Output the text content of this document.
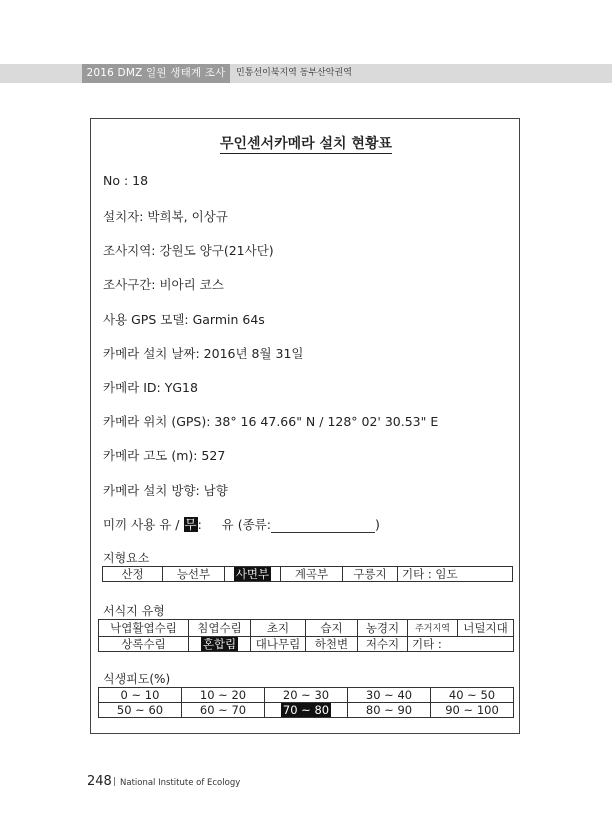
2016 DMZ 일원 생태계 조사	민통선이북지역 동부산악권역
무인센서카메라 설치 현황표
No : 18
설치자: 박희복, 이상규
조사지역: 강원도 양구(21사단)
조사구간: 비아리 코스
사용 GPS 모델: Garmin 64s
카메라 설치 날짜: 2016년 8월 31일
카메라 ID: YG18
카메라 위치 (GPS): 38° 16 47.66" N / 128° 02' 30.53" E
카메라 고도 (m): 527
카메라 설치 방향: 남향
미끼 사용 유 / 무: 유 (종류:	)
지형요소
산정	능선부	사면부	계곡부	구릉지	기타 : 임도
서식지 유형
낙엽활엽수림	침엽수림	초지	습지	농경지	주거지역	너덜지대
상록수림	혼합림	대나무림	하천변	저수지	기타 :	
식생피도(%)
0 ~ 10	10 ~ 20	20 ~ 30	30 ~ 40	40 ~ 50
50 ~ 60	60 ~ 70	70 ~ 80	80 ~ 90	90 ~ 100
248 | National Institute of Ecology
